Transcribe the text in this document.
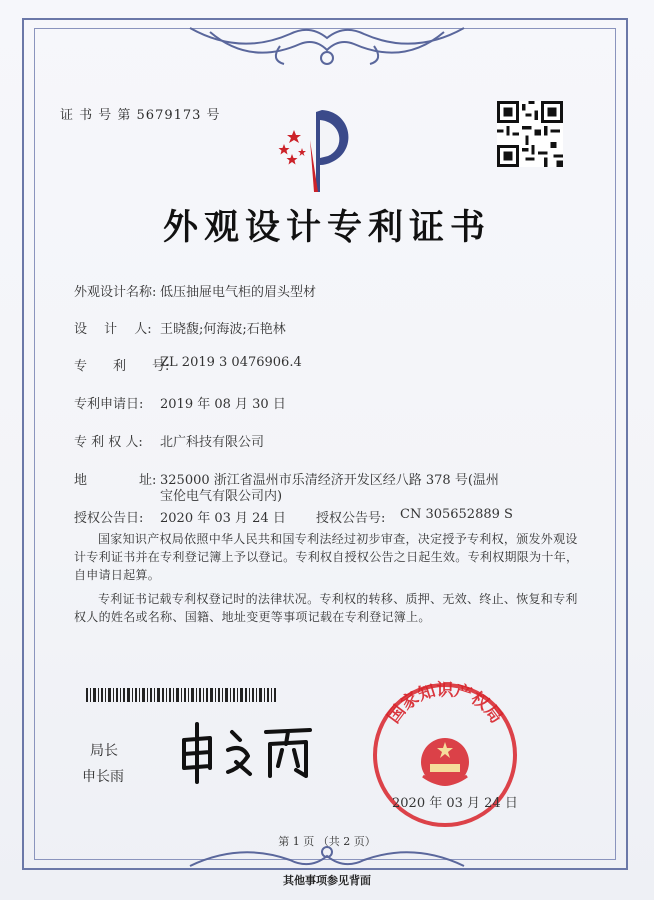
证 书 号 第 5679173 号
外观设计专利证书
外观设计名称: 低压抽屉电气柜的眉头型材
设　 计　 人: 王晓馥;何海波;石艳林
专　　利　　号:
ZL 2019 3 0476906.4
专利申请日: 2019 年 08 月 30 日
专 利 权 人: 北广科技有限公司
地　　　　址: 325000 浙江省温州市乐清经济开发区经八路 378 号(温州
宝伦电气有限公司内)
授权公告日: 2020 年 03 月 24 日 授权公告号: CN 305652889 S
国家知识产权局依照中华人民共和国专利法经过初步审查，决定授予专利权，颁发外观设计专利证书并在专利登记簿上予以登记。专利权自授权公告之日起生效。专利权期限为十年，自申请日起算。
专利证书记载专利权登记时的法律状况。专利权的转移、质押、无效、终止、恢复和专利权人的姓名或名称、国籍、地址变更等事项记载在专利登记簿上。
局长
申长雨
国家知识产权局
2020 年 03 月 24 日
第 1 页 （共 2 页）
其他事项参见背面
